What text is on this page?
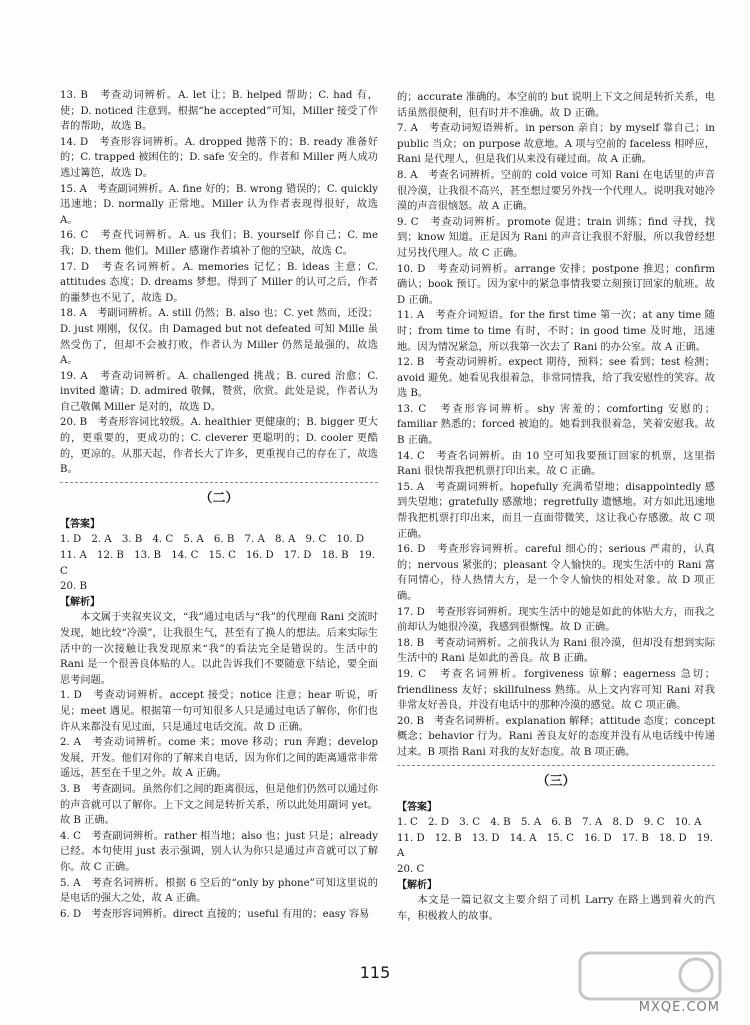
13. B　考查动词辨析。A. let 让；B. helped 帮助；C. had 有，使；D. noticed 注意到。根据“he accepted”可知，Miller 接受了作者的帮助，故选 B。

14. D　考查形容词辨析。A. dropped 抛落下的；B. ready 准备好的；C. trapped 被困住的；D. safe 安全的。作者和 Miller 两人成功逃过篝笆，故选 D。

15. A　考查副词辨析。A. fine 好的；B. wrong 错误的；C. quickly 迅速地；D. normally 正常地。Miller 认为作者表现得很好，故选 A。

16. C　考查代词辨析。A. us 我们；B. yourself 你自己；C. me 我；D. them 他们。Miller 感谢作者填补了他的空缺，故选 C。

17. D　考查名词辨析。A. memories 记忆；B. ideas 主意；C. attitudes 态度；D. dreams 梦想。得到了 Miller 的认可之后，作者的噩梦也不见了，故选 D。

18. A　考副词辨析。A. still 仍然；B. also 也；C. yet 然而，还没；D. just 刚刚，仅仅。由 Damaged but not defeated 可知 Mille 虽然受伤了，但却不会被打败，作者认为 Miller 仍然是最强的，故选 A。

19. A　考查动词辨析。A. challenged 挑战；B. cured 治愈；C. invited 邀请；D. admired 敬佩，赞赏，欣赏。此处是说，作者认为自己敬佩 Miller 是对的，故选 D。

20. B　考查形容词比较级。A. healthier 更健康的；B. bigger 更大的，更重要的，更成功的；C. cleverer 更聪明的；D. cooler 更酷的，更凉的。从那天起，作者长大了许多，更重视自己的存在了，故选 B。

（二）
【答案】
1. D　2. A　3. B　4. C　5. A　6. B　7. A　8. A　9. C　10. D
11. A　12. B　13. B　14. C　15. C　16. D　17. D　18. B　19. C
20. B
【解析】

本文属于夹叙夹议文，“我”通过电话与“我”的代理商 Rani 交流时发现，她比较“冷漠”，让我很生气，甚至有了换人的想法。后来实际生活中的一次接触让我发现原来“我”的看法完全是错误的。生活中的 Rani 是一个很善良体贴的人。以此告诉我们不要随意下结论，要全面思考问题。

1. D　考查动词辨析。accept 接受；notice 注意；hear 听说，听见；meet 遇见。根据第一句可知很多人只是通过电话了解你，你们也许从来都没有见过面，只是通过电话交流。故 D 正确。

2. A　考查动词辨析。come 来；move 移动；run 奔跑；develop 发展，开发。他们对你的了解来自电话，因为你们之间的距离通常非常遥远，甚至在千里之外。故 A 正确。

3. B　考查副词。虽然你们之间的距离很远，但是他们仍然可以通过你的声音就可以了解你。上下文之间是转折关系，所以此处用副词 yet。故 B 正确。

4. C　考查副词辨析。rather 相当地；also 也；just 只是；already 已经。本句使用 just 表示强调，别人认为你只是通过声音就可以了解你。故 C 正确。

5. A　考查名词辨析。根据 6 空后的“only by phone”可知这里说的是电话的强大之处，故 A 正确。

6. D　考查形容词辨析。direct 直接的；useful 有用的；easy 容易

的；accurate 准确的。本空前的 but 说明上下文之间是转折关系，电话虽然很便利，但有时并不准确。故 D 正确。

7. A　考查动词短语辨析。in person 亲自；by myself 靠自己；in public 当众；on purpose 故意地。A 项与空前的 faceless 相呼应，Rani 是代理人，但是我们从来没有碰过面。故 A 正确。

8. A　考查名词辨析。空前的 cold voice 可知 Rani 在电话里的声音很冷漠，让我很不高兴，甚至想过要另外找一个代理人。说明我对她冷漠的声音很恼怒。故 A 正确。

9. C　考查动词辨析。promote 促进；train 训练；find 寻找，找到；know 知道。正是因为 Rani 的声音让我很不舒服，所以我曾经想过另找代理人。故 C 正确。

10. D　考查动词辨析。arrange 安排；postpone 推迟；confirm 确认；book 预订。因为家中的紧急事情我要立刻预订回家的航班。故 D 正确。

11. A　考查介词短语。for the first time 第一次；at any time 随时；from time to time 有时，不时；in good time 及时地，迅速地。因为情况紧急，所以我第一次去了 Rani 的办公室。故 A 正确。

12. B　考查动词辨析。expect 期待，预料；see 看到；test 检测；avoid 避免。她看见我很着急，非常同情我，给了我安慰性的笑容。故选 B。

13. C　考查形容词辨析。shy 害羞的；comforting 安慰的；familiar 熟悉的；forced 被迫的。她看到我很着急，笑着安慰我。故 B 正确。

14. C　考查名词辨析。由 10 空可知我要预订回家的机票，这里指 Rani 很快帮我把机票打印出来。故 C 正确。

15. A　考查副词辨析。hopefully 充满希望地；disappointedly 感到失望地；gratefully 感激地；regretfully 遗憾地。对方如此迅速地帮我把机票打印出来，而且一直面带微笑，这让我心存感激。故 C 项正确。

16. D　考查形容词辨析。careful 细心的；serious 严肃的，认真的；nervous 紧张的；pleasant 令人愉快的。现实生活中的 Rani 富有同情心，待人热情大方，是一个令人愉快的相处对象。故 D 项正确。

17. D　考查形容词辨析。现实生活中的她是如此的体贴大方，而我之前却认为她很冷漠，我感到很惭愧。故 D 正确。

18. B　考查动词辨析。之前我认为 Rani 很冷漠，但却没有想到实际生活中的 Rani 是如此的善良。故 B 正确。

19. C　考查名词辨析。forgiveness 谅解；eagerness 急切；friendliness 友好；skillfulness 熟练。从上文内容可知 Rani 对我非常友好善良，并没有电话中的那种冷漠的感觉。故 C 项正确。

20. B　考查名词辨析。explanation 解释；attitude 态度；concept 概念；behavior 行为。Rani 善良友好的态度并没有从电话线中传递过来。B 项指 Rani 对我的友好态度。故 B 项正确。

（三）
【答案】
1. C　2. D　3. C　4. B　5. A　6. B　7. A　8. D　9. C　10. A
11. D　12. B　13. D　14. A　15. C　16. D　17. B　18. D　19. A
20. C
【解析】

本文是一篇记叙文主要介绍了司机 Larry 在路上遇到着火的汽车，积极救人的故事。

115
MXQE.COM
